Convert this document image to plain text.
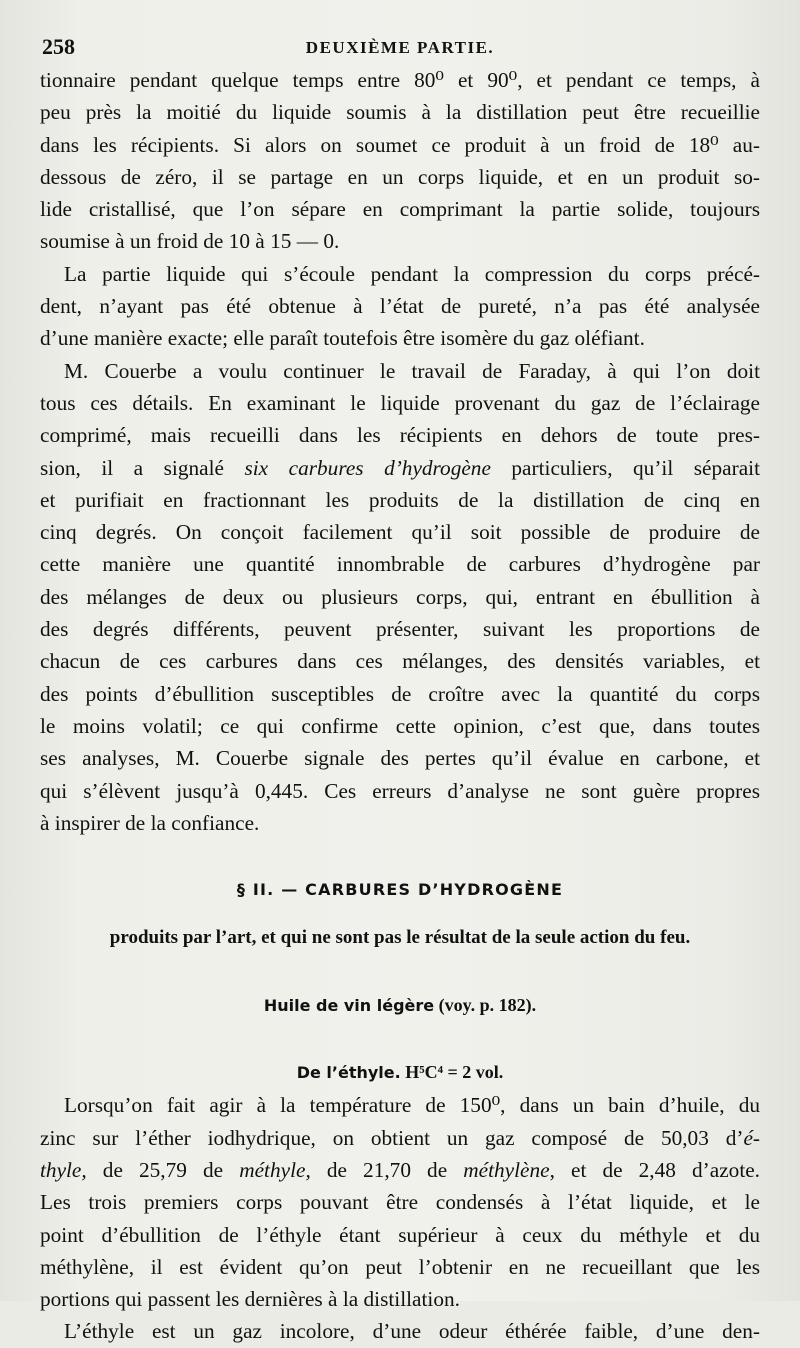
258	DEUXIÈME PARTIE.

tionnaire pendant quelque temps entre 80⁰ et 90⁰, et pendant ce temps, à
peu près la moitié du liquide soumis à la distillation peut être recueillie
dans les récipients. Si alors on soumet ce produit à un froid de 18⁰ au-
dessous de zéro, il se partage en un corps liquide, et en un produit so-
lide cristallisé, que l’on sépare en comprimant la partie solide, toujours
soumise à un froid de 10 à 15 — 0.

La partie liquide qui s’écoule pendant la compression du corps précé-
dent, n’ayant pas été obtenue à l’état de pureté, n’a pas été analysée
d’une manière exacte; elle paraît toutefois être isomère du gaz oléfiant.

M. Couerbe a voulu continuer le travail de Faraday, à qui l’on doit
tous ces détails. En examinant le liquide provenant du gaz de l’éclairage
comprimé, mais recueilli dans les récipients en dehors de toute pres-
sion, il a signalé six carbures d’hydrogène particuliers, qu’il séparait
et purifiait en fractionnant les produits de la distillation de cinq en
cinq degrés. On conçoit facilement qu’il soit possible de produire de
cette manière une quantité innombrable de carbures d’hydrogène par
des mélanges de deux ou plusieurs corps, qui, entrant en ébullition à
des degrés différents, peuvent présenter, suivant les proportions de
chacun de ces carbures dans ces mélanges, des densités variables, et
des points d’ébullition susceptibles de croître avec la quantité du corps
le moins volatil; ce qui confirme cette opinion, c’est que, dans toutes
ses analyses, M. Couerbe signale des pertes qu’il évalue en carbone, et
qui s’élèvent jusqu’à 0,445. Ces erreurs d’analyse ne sont guère propres
à inspirer de la confiance.

§ II. — CARBURES D’HYDROGÈNE
produits par l’art, et qui ne sont pas le résultat de la seule action du feu.
Huile de vin légère (voy. p. 182).
De l’éthyle. H⁵C⁴ = 2 vol.

Lorsqu’on fait agir à la température de 150⁰, dans un bain d’huile, du
zinc sur l’éther iodhydrique, on obtient un gaz composé de 50,03 d’é-
thyle, de 25,79 de méthyle, de 21,70 de méthylène, et de 2,48 d’azote.
Les trois premiers corps pouvant être condensés à l’état liquide, et le
point d’ébullition de l’éthyle étant supérieur à ceux du méthyle et du
méthylène, il est évident qu’on peut l’obtenir en ne recueillant que les
portions qui passent les dernières à la distillation.

L’éthyle est un gaz incolore, d’une odeur éthérée faible, d’une den-
